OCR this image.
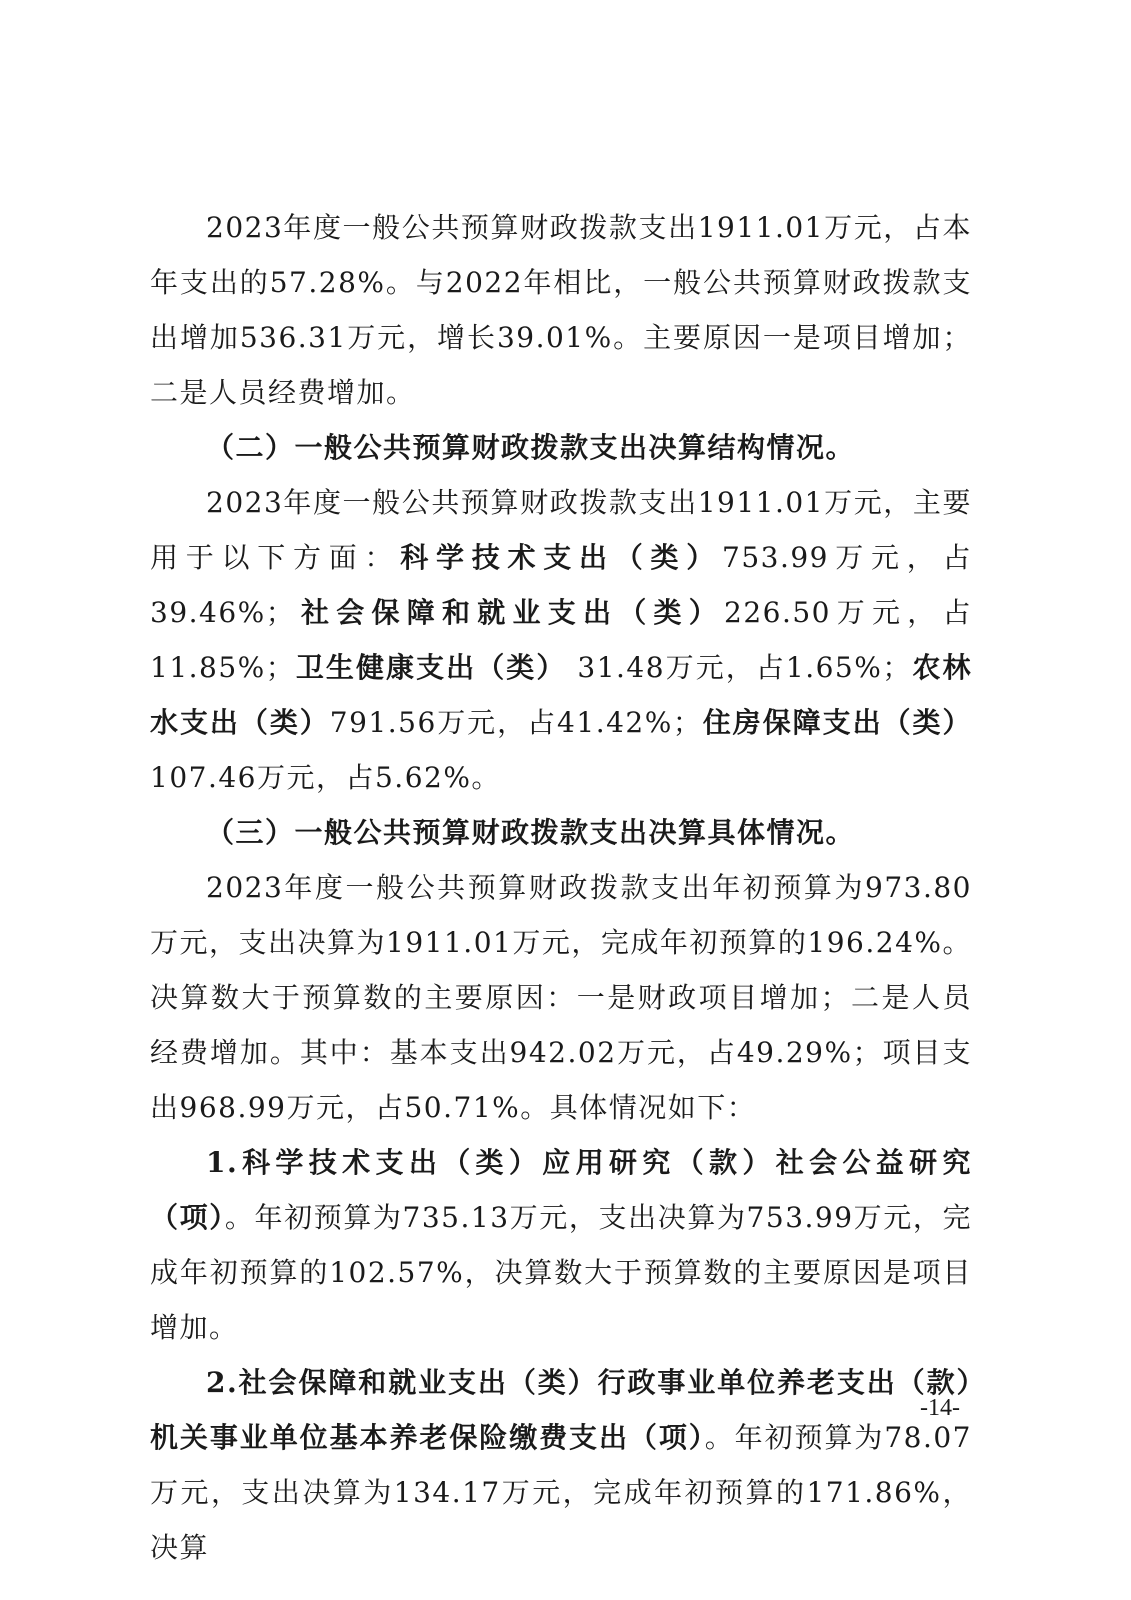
2023年度一般公共预算财政拨款支出1911.01万元，占本年支出的57.28%。与2022年相比，一般公共预算财政拨款支出增加536.31万元，增长39.01%。主要原因一是项目增加；二是人员经费增加。

（二）一般公共预算财政拨款支出决算结构情况。

2023年度一般公共预算财政拨款支出1911.01万元，主要用于以下方面：科学技术支出（类）753.99万元，占39.46%；社会保障和就业支出（类）226.50万元，占11.85%；卫生健康支出（类） 31.48万元，占1.65%；农林水支出（类）791.56万元，占41.42%；住房保障支出（类）107.46万元，占5.62%。

（三）一般公共预算财政拨款支出决算具体情况。

2023年度一般公共预算财政拨款支出年初预算为973.80万元，支出决算为1911.01万元，完成年初预算的196.24%。决算数大于预算数的主要原因：一是财政项目增加；二是人员经费增加。其中：基本支出942.02万元，占49.29%；项目支出968.99万元，占50.71%。具体情况如下：

1.科学技术支出（类）应用研究（款）社会公益研究（项）。年初预算为735.13万元，支出决算为753.99万元，完成年初预算的102.57%，决算数大于预算数的主要原因是项目增加。

2.社会保障和就业支出（类）行政事业单位养老支出（款）机关事业单位基本养老保险缴费支出（项）。年初预算为78.07万元，支出决算为134.17万元，完成年初预算的171.86%，决算

-14-
